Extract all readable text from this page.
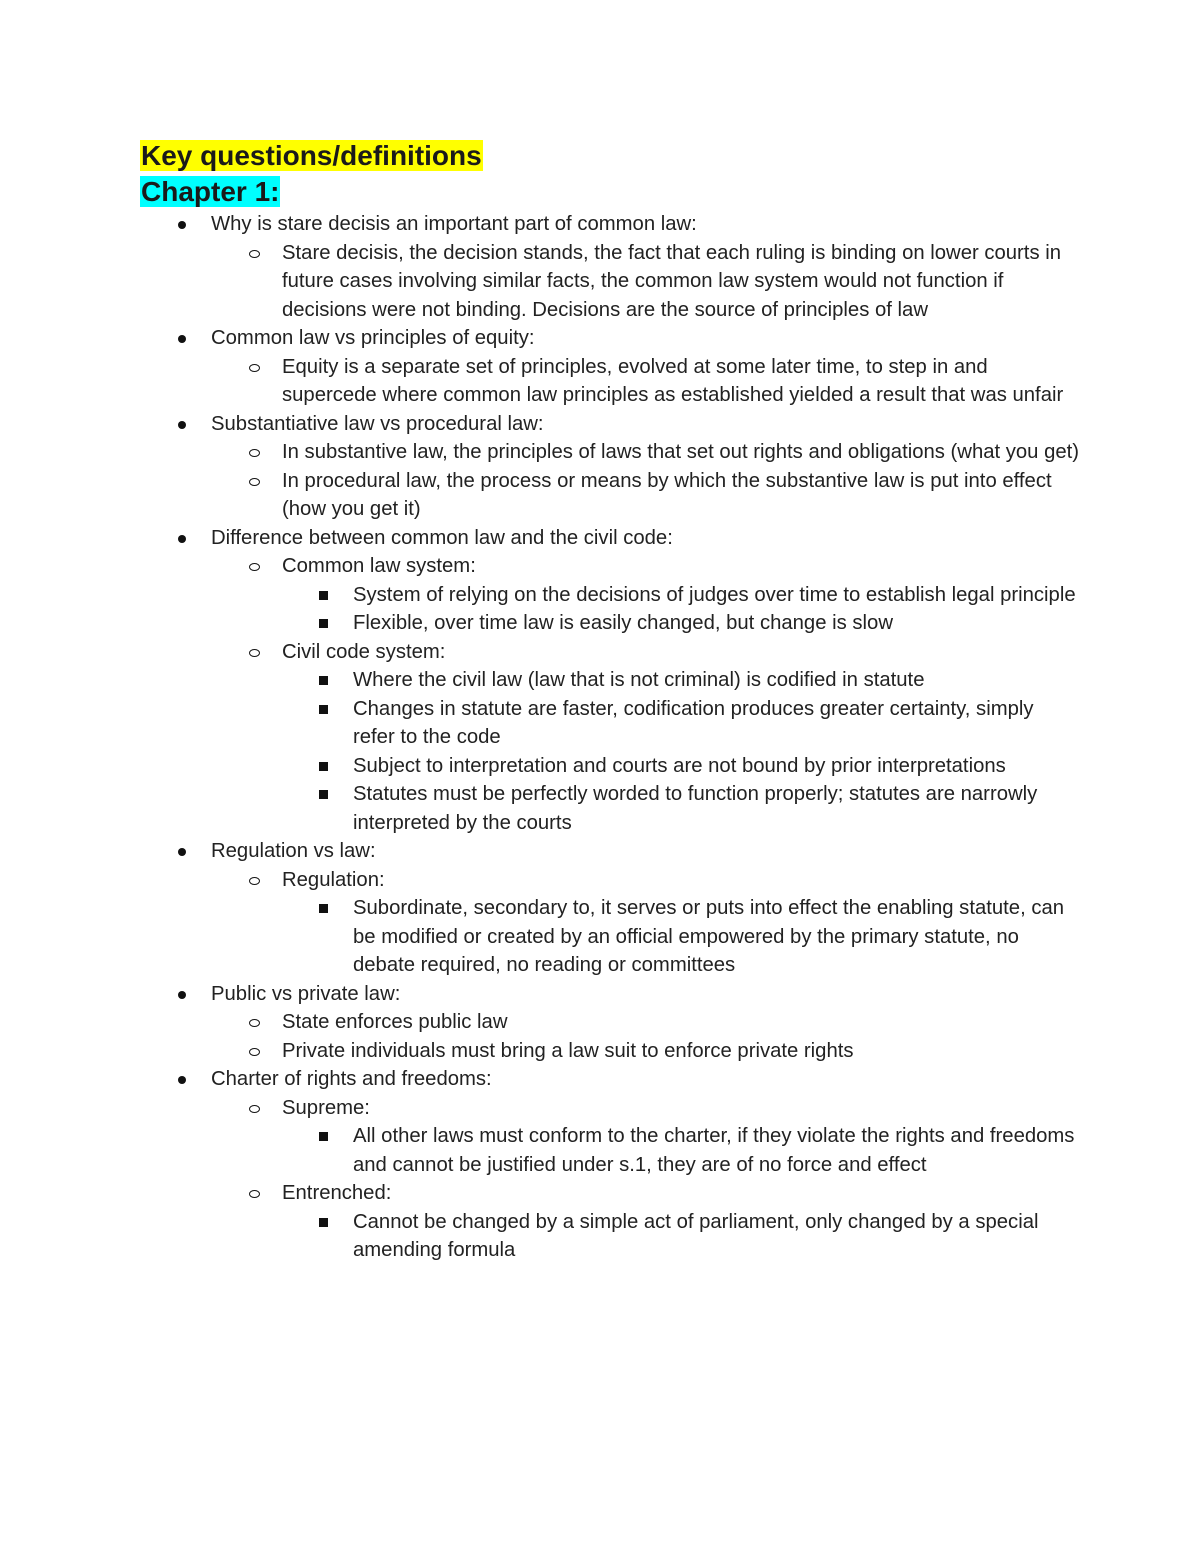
Key questions/definitions
Chapter 1:
Why is stare decisis an important part of common law:
Stare decisis, the decision stands, the fact that each ruling is binding on lower courts in future cases involving similar facts, the common law system would not function if decisions were not binding. Decisions are the source of principles of law
Common law vs principles of equity:
Equity is a separate set of principles, evolved at some later time, to step in and supercede where common law principles as established yielded a result that was unfair
Substantiative law vs procedural law:
In substantive law, the principles of laws that set out rights and obligations (what you get)
In procedural law, the process or means by which the substantive law is put into effect (how you get it)
Difference between common law and the civil code:
Common law system:
System of relying on the decisions of judges over time to establish legal principle
Flexible, over time law is easily changed, but change is slow
Civil code system:
Where the civil law (law that is not criminal) is codified in statute
Changes in statute are faster, codification produces greater certainty, simply refer to the code
Subject to interpretation and courts are not bound by prior interpretations
Statutes must be perfectly worded to function properly; statutes are narrowly interpreted by the courts
Regulation vs law:
Regulation:
Subordinate, secondary to, it serves or puts into effect the enabling statute, can be modified or created by an official empowered by the primary statute, no debate required, no reading or committees
Public vs private law:
State enforces public law
Private individuals must bring a law suit to enforce private rights
Charter of rights and freedoms:
Supreme:
All other laws must conform to the charter, if they violate the rights and freedoms and cannot be justified under s.1, they are of no force and effect
Entrenched:
Cannot be changed by a simple act of parliament, only changed by a special amending formula
